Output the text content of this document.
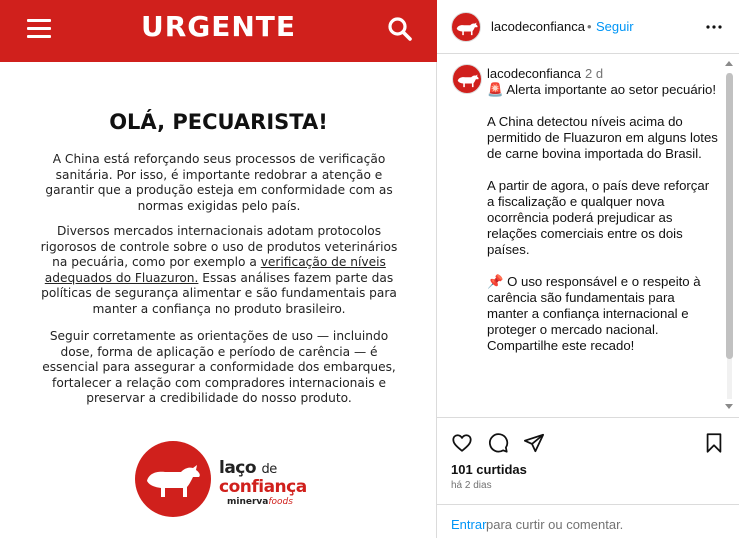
URGENTE
OLÁ, PECUARISTA!
A China está reforçando seus processos de verificação sanitária. Por isso, é importante redobrar a atenção e garantir que a produção esteja em conformidade com as normas exigidas pelo país.
Diversos mercados internacionais adotam protocolos rigorosos de controle sobre o uso de produtos veterinários na pecuária, como por exemplo a verificação de níveis adequados do Fluazuron. Essas análises fazem parte das políticas de segurança alimentar e são fundamentais para manter a confiança no produto brasileiro.
Seguir corretamente as orientações de uso — incluindo dose, forma de aplicação e período de carência — é essencial para assegurar a conformidade dos embarques, fortalecer a relação com compradores internacionais e preservar a credibilidade do nosso produto.
laço de
confiança
minervafoods
lacodeconfianca • Seguir
lacodeconfianca 2 d
🚨 Alerta importante ao setor pecuário!

A China detectou níveis acima do permitido de Fluazuron em alguns lotes de carne bovina importada do Brasil.

A partir de agora, o país deve reforçar a fiscalização e qualquer nova ocorrência poderá prejudicar as relações comerciais entre os dois países.

📌 O uso responsável e o respeito à carência são fundamentais para manter a confiança internacional e proteger o mercado nacional. Compartilhe este recado!
101 curtidas
há 2 dias
Entrar para curtir ou comentar.
